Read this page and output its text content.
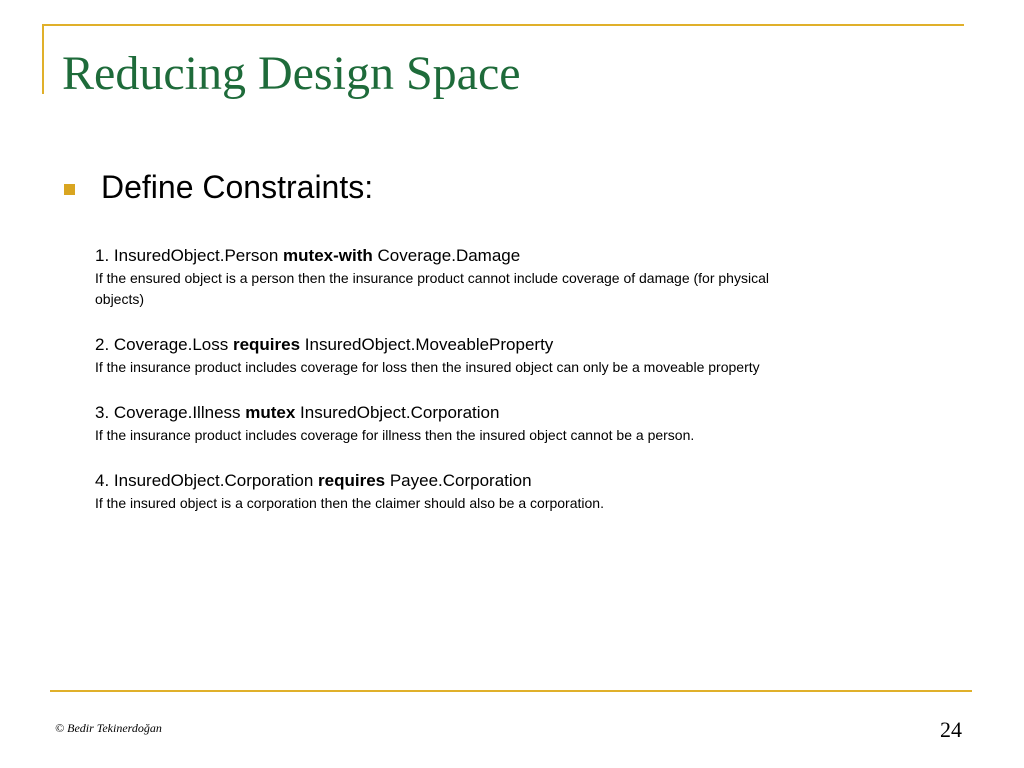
Reducing Design Space
Define Constraints:
1. InsuredObject.Person mutex-with Coverage.Damage
If the ensured object is a person then the insurance product cannot include coverage of damage (for physical objects)
2. Coverage.Loss requires InsuredObject.MoveableProperty
If the insurance product includes coverage for loss then the insured object can only be a moveable property
3. Coverage.Illness mutex InsuredObject.Corporation
If the insurance product includes coverage for illness then the insured object cannot be a person.
4. InsuredObject.Corporation requires Payee.Corporation
If the insured object is a corporation then the claimer should also be a corporation.
© Bedir Tekinerdoğan	24
